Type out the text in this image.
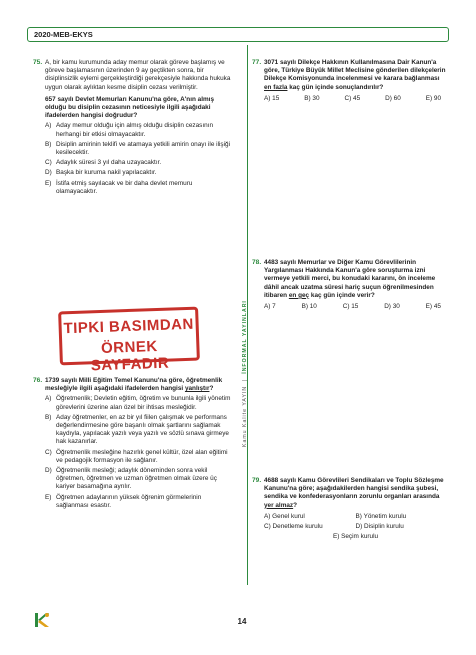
2020-MEB-EKYS
75. A, bir kamu kurumunda aday memur olarak göreve başlamış ve göreve başlamasının üzerinden 9 ay geçtikten sonra, bir disiplinsizlik eylemi gerçekleştirdiği gerekçesiyle hakkında hukuka uygun olarak aylıktan kesme disiplin cezası verilmiştir.
657 sayılı Devlet Memurları Kanunu'na göre, A'nın almış olduğu bu disiplin cezasının neticesiyle ilgili aşağıdaki ifadelerden hangisi doğrudur?
A) Aday memur olduğu için almış olduğu disiplin cezasının herhangi bir etkisi olmayacaktır.
B) Disiplin amirinin teklifi ve atamaya yetkili amirin onayı ile ilişiği kesilecektir.
C) Adaylık süresi 3 yıl daha uzayacaktır.
D) Başka bir kuruma nakil yapılacaktır.
E) İstifa etmiş sayılacak ve bir daha devlet memuru olamayacaktır.
TIPKI BASIMDAN
ÖRNEK SAYFADIR
76. 1739 sayılı Milli Eğitim Temel Kanunu'na göre, öğretmenlik mesleğiyle ilgili aşağıdaki ifadelerden hangisi yanlıştır?
A) Öğretmenlik; Devletin eğitim, öğretim ve bununla ilgili yönetim görevlerini üzerine alan özel bir ihtisas mesleğidir.
B) Aday öğretmenler, en az bir yıl fiilen çalışmak ve performans değerlendirmesine göre başarılı olmak şartlarını sağlamak kaydıyla, yapılacak yazılı veya yazılı ve sözlü sınava girmeye hak kazanırlar.
C) Öğretmenlik mesleğine hazırlık genel kültür, özel alan eğitimi ve pedagojik formasyon ile sağlanır.
D) Öğretmenlik mesleği; adaylık döneminden sonra vekil öğretmen, öğretmen ve uzman öğretmen olmak üzere üç kariyer basamağına ayrılır.
E) Öğretmen adaylarının yüksek öğrenim görmelerinin sağlanması esastır.
Kamu Kalite YAYIN  |  İNFORMAL YAYINLARI
77. 3071 sayılı Dilekçe Hakkının Kullanılmasına Dair Kanun'a göre, Türkiye Büyük Millet Meclisine gönderilen dilekçelerin Dilekçe Komisyonunda incelenmesi ve karara bağlanması en fazla kaç gün içinde sonuçlandırılır?
A) 15	B) 30	C) 45	D) 60	E) 90
78. 4483 sayılı Memurlar ve Diğer Kamu Görevlilerinin Yargılanması Hakkında Kanun'a göre soruşturma izni vermeye yetkili merci, bu konudaki kararını, ön inceleme dâhil ancak uzatma süresi hariç suçun öğrenilmesinden itibaren en geç kaç gün içinde verir?
A) 7	B) 10	C) 15	D) 30	E) 45
79. 4688 sayılı Kamu Görevlileri Sendikaları ve Toplu Sözleşme Kanunu'na göre; aşağıdakilerden hangisi sendika şubesi, sendika ve konfederasyonların zorunlu organları arasında yer almaz?
A) Genel kurul	B) Yönetim kurulu
C) Denetleme kurulu	D) Disiplin kurulu
E) Seçim kurulu
14
